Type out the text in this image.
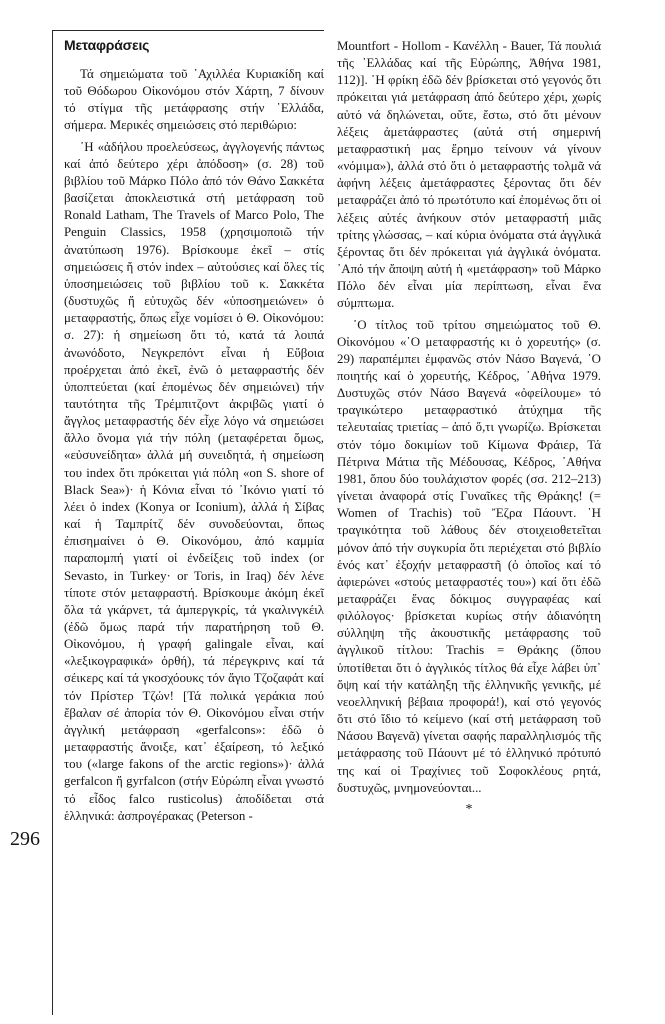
Μεταφράσεις
296

Τά σημειώματα τοῦ ᾿Αχιλλέα Κυριακίδη καί τοῦ Θόδωρου Οἰκονόμου στόν Χάρτη, 7 δίνουν τό στίγμα τῆς μετάφρασης στήν ῾Ελλάδα, σήμερα. Μερικές σημειώσεις στό περιθώριο:

῾Η «ἀδήλου προελεύσεως, ἀγγλογενής πάντως καί ἀπό δεύτερο χέρι ἀπόδοση» (σ. 28) τοῦ βιβλίου τοῦ Μάρκο Πόλο ἀπό τόν Θάνο Σακκέτα βασίζεται ἀποκλειστικά στή μετάφραση τοῦ Ronald Latham, The Travels of Marco Polo, The Penguin Classics, 1958 (χρησιμοποιῶ τήν ἀνατύπωση 1976). Βρίσκουμε ἐκεῖ – στίς σημειώσεις ἤ στόν index – αὐτούσιες καί ὅλες τίς ὑποσημειώσεις τοῦ βιβλίου τοῦ κ. Σακκέτα (δυστυχῶς ἤ εὐτυχῶς δέν «ὑποσημειώνει» ὁ μεταφραστής, ὅπως εἶχε νομίσει ὁ Θ. Οἰκονόμου: σ. 27): ἡ σημείωση ὅτι τό, κατά τά λοιπά ἀνωνόδοτο, Νεγκρεπόντ εἶναι ἡ Εὔβοια προέρχεται ἀπό ἐκεῖ, ἐνῶ ὁ μεταφραστής δέν ὑποπτεύεται (καί ἐπομένως δέν σημειώνει) τήν ταυτότητα τῆς Τρέμπιτζοντ ἀκριβῶς γιατί ὁ ἄγγλος μεταφραστής δέν εἶχε λόγο νά σημειώσει ἄλλο ὄνομα γιά τήν πόλη (μεταφέρεται ὅμως, «εὐσυνείδητα» ἀλλά μή συνειδητά, ἡ σημείωση του index ὅτι πρόκειται γιά πόλη «on S. shore of Black Sea»)· ἡ Κόνια εἶναι τό ᾿Ικόνιο γιατί τό λέει ὁ index (Konya or Iconium), ἀλλά ἡ Σίβας καί ἡ Ταμπρίτζ δέν συνοδεύονται, ὅπως ἐπισημαίνει ὁ Θ. Οἰκονόμου, ἀπό καμμία παραπομπή γιατί οἱ ἐνδείξεις τοῦ index (or Sevasto, in Turkey· or Toris, in Iraq) δέν λένε τίποτε στόν μεταφραστή. Βρίσκουμε ἀκόμη ἐκεῖ ὅλα τά γκάρνετ, τά ἀμπεργκρίς, τά γκαλινγκέιλ (ἐδῶ ὅμως παρά τήν παρατήρηση τοῦ Θ. Οἰκονόμου, ἡ γραφή galingale εἶναι, καί «λεξικογραφικά» ὀρθή), τά πέρεγκρινς καί τά σέικερς καί τά γκοσχόουκς τόν ἅγιο Τζοζαφάτ καί τόν Πρίστερ Τζών! [Τά πολικά γεράκια πού ἔβαλαν σέ ἀπορία τόν Θ. Οἰκονόμου εἶναι στήν ἀγγλική μετάφραση «gerfalcons»: ἐδῶ ὁ μεταφραστής ἄνοιξε, κατ᾿ ἐξαίρεση, τό λεξικό του («large fakons of the arctic regions»)· ἀλλά gerfalcon ἤ gyrfalcon (στήν Εὐρώπη εἶναι γνωστό τό εἶδος falco rusticolus) ἀποδίδεται στά ἑλληνικά: ἀσπρογέρακας (Peterson -

Mountfort - Hollom - Κανέλλη - Bauer, Τά πουλιά τῆς ῾Ελλάδας καί τῆς Εὐρώπης, Ἀθήνα 1981, 112)]. ῾Η φρίκη ἐδῶ δέν βρίσκεται στό γεγονός ὅτι πρόκειται γιά μετάφραση ἀπό δεύτερο χέρι, χωρίς αὐτό νά δηλώνεται, οὔτε, ἔστω, στό ὅτι μένουν λέξεις ἀμετάφραστες (αὐτά στή σημερινή μεταφραστική μας ἔρημο τείνουν νά γίνουν «νόμιμα»), ἀλλά στό ὅτι ὁ μεταφραστής τολμᾶ νά ἀφήνη λέξεις ἀμετάφραστες ξέροντας ὅτι δέν μεταφράζει ἀπό τό πρωτότυπο καί ἐπομένως ὅτι οἱ λέξεις αὐτές ἀνήκουν στόν μεταφραστή μιᾶς τρίτης γλώσσας, – καί κύρια ὀνόματα στά ἀγγλικά ξέροντας ὅτι δέν πρόκειται γιά ἀγγλικά ὀνόματα. ᾿Από τήν ἄποψη αὐτή ἡ «μετάφραση» τοῦ Μάρκο Πόλο δέν εἶναι μία περίπτωση, εἶναι ἕνα σύμπτωμα.

῾Ο τίτλος τοῦ τρίτου σημειώματος τοῦ Θ. Οἰκονόμου «῾Ο μεταφραστής κι ὁ χορευτής» (σ. 29) παραπέμπει ἐμφανῶς στόν Νάσο Βαγενά, ῾Ο ποιητής καί ὁ χορευτής, Κέδρος, ᾿Αθήνα 1979. Δυστυχῶς στόν Νάσο Βαγενά «ὀφείλουμε» τό τραγικώτερο μεταφραστικό ἀτύχημα τῆς τελευταίας τριετίας – ἀπό ὅ,τι γνωρίζω. Βρίσκεται στόν τόμο δοκιμίων τοῦ Κίμωνα Φράιερ, Τά Πέτρινα Μάτια τῆς Μέδουσας, Κέδρος, ᾿Αθήνα 1981, ὅπου δύο τουλάχιστον φορές (σσ. 212–213) γίνεται ἀναφορά στίς Γυναῖκες τῆς Θράκης! (= Women of Trachis) τοῦ Ἔζρα Πάουντ. ῾Η τραγικότητα τοῦ λάθους δέν στοιχειοθετεῖται μόνον ἀπό τήν συγκυρία ὅτι περιέχεται στό βιβλίο ἑνός κατ᾿ ἐξοχήν μεταφραστῆ (ὁ ὁποῖος καί τό ἀφιερώνει «στούς μεταφραστές του») καί ὅτι ἐδῶ μεταφράζει ἕνας δόκιμος συγγραφέας καί φιλόλογος· βρίσκεται κυρίως στήν ἀδιανόητη σύλληψη τῆς ἀκουστικῆς μετάφρασης τοῦ ἀγγλικοῦ τίτλου: Trachis = Θράκης (ὅπου ὑποτίθεται ὅτι ὁ ἀγγλικός τίτλος θά εἶχε λάβει ὑπ᾿ ὄψη καί τήν κατάληξη τῆς ἑλληνικῆς γενικῆς, μέ νεοελληνική βέβαια προφορά!), καί στό γεγονός ὅτι στό ἴδιο τό κείμενο (καί στή μετάφραση τοῦ Νάσου Βαγενᾶ) γίνεται σαφής παραλληλισμός τῆς μετάφρασης τοῦ Πάουντ μέ τό ἑλληνικό πρότυπό της καί οἱ Τραχίνιες τοῦ Σοφοκλέους ρητά, δυστυχῶς, μνημονεύονται...

*
